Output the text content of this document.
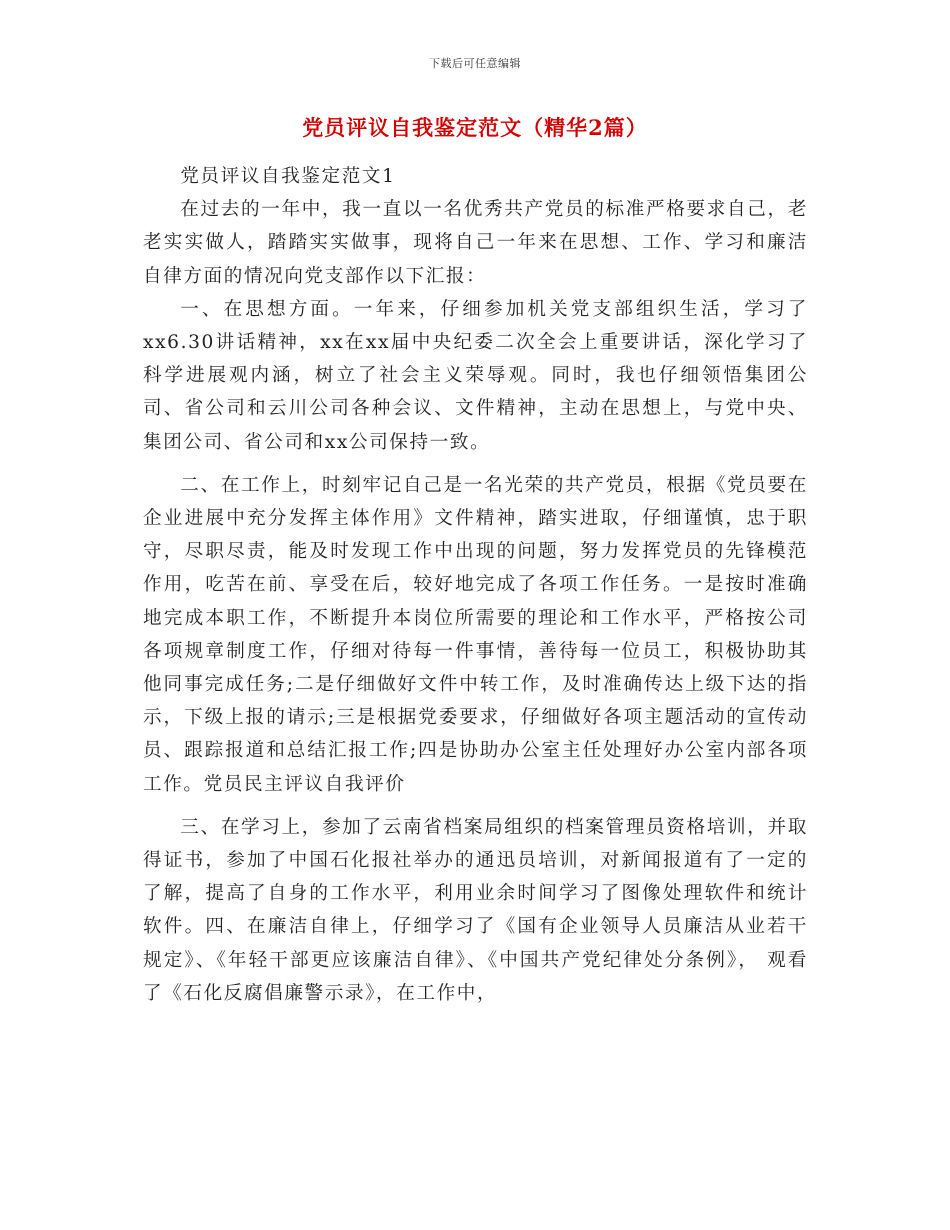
下载后可任意编辑
党员评议自我鉴定范文（精华2篇）

党员评议自我鉴定范文1

在过去的一年中，我一直以一名优秀共产党员的标准严格要求自己，老老实实做人，踏踏实实做事，现将自己一年来在思想、工作、学习和廉洁自律方面的情况向党支部作以下汇报：

一、在思想方面。一年来，仔细参加机关党支部组织生活，学习了xx6.30讲话精神，xx在xx届中央纪委二次全会上重要讲话，深化学习了科学进展观内涵，树立了社会主义荣辱观。同时，我也仔细领悟集团公司、省公司和云川公司各种会议、文件精神，主动在思想上，与党中央、集团公司、省公司和xx公司保持一致。

二、在工作上，时刻牢记自己是一名光荣的共产党员，根据《党员要在企业进展中充分发挥主体作用》文件精神，踏实进取，仔细谨慎，忠于职守，尽职尽责，能及时发现工作中出现的问题，努力发挥党员的先锋模范作用，吃苦在前、享受在后，较好地完成了各项工作任务。一是按时准确地完成本职工作，不断提升本岗位所需要的理论和工作水平，严格按公司各项规章制度工作，仔细对待每一件事情，善待每一位员工，积极协助其他同事完成任务;二是仔细做好文件中转工作，及时准确传达上级下达的指示，下级上报的请示;三是根据党委要求，仔细做好各项主题活动的宣传动员、跟踪报道和总结汇报工作;四是协助办公室主任处理好办公室内部各项工作。党员民主评议自我评价

三、在学习上，参加了云南省档案局组织的档案管理员资格培训，并取得证书，参加了中国石化报社举办的通迅员培训，对新闻报道有了一定的了解，提高了自身的工作水平，利用业余时间学习了图像处理软件和统计软件。四、在廉洁自律上，仔细学习了《国有企业领导人员廉洁从业若干规定》、《年轻干部更应该廉洁自律》、《中国共产党纪律处分条例》， 观看了《石化反腐倡廉警示录》，在工作中，
